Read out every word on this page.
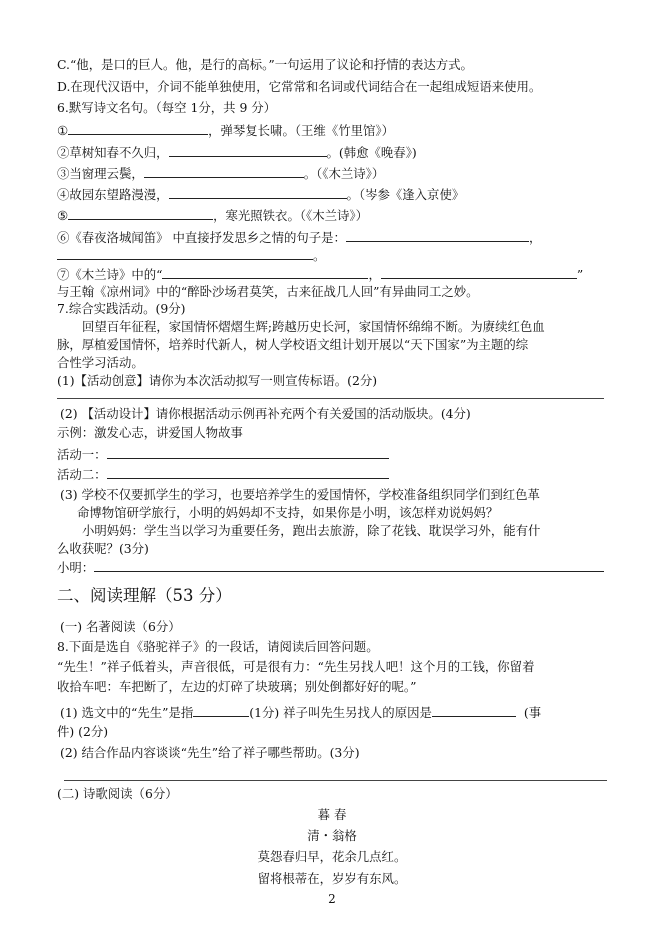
C.“他，是口的巨人。他，是行的高标。”一句运用了议论和抒情的表达方式。
D.在现代汉语中，介词不能单独使用，它常常和名词或代词结合在一起组成短语来使用。
6.默写诗文名句。（每空 1分，共 9 分）
①	，弹琴复长啸。（王维《竹里馆》）
②草树知春不久归，	。(韩愈《晚春》)
③当窗理云鬓，	。（《木兰诗》）
④故园东望路漫漫，	。（岑参《逢入京使》
⑤	，寒光照铁衣。（《木兰诗》）
⑥《春夜洛城闻笛》 中直接抒发思乡之情的句子是：	，
。
⑦《木兰诗》中的“	，	”
与王翰《凉州词》中的“醉卧沙场君莫笑，古来征战几人回”有异曲同工之妙。
7.综合实践活动。(9分)
回望百年征程，家国情怀熠熠生辉;跨越历史长河，家国情怀绵绵不断。为赓续红色血
脉，厚植爱国情怀，培养时代新人，树人学校语文组计划开展以“天下国家”为主题的综
合性学习活动。
(1)【活动创意】请你为本次活动拟写一则宣传标语。(2分)
(2) 【活动设计】请你根据活动示例再补充两个有关爱国的活动版块。(4分)
示例：激发心志，讲爱国人物故事
活动一：
活动二：
(3) 学校不仅要抓学生的学习，也要培养学生的爱国情怀，学校准备组织同学们到红色革
命博物馆研学旅行，小明的妈妈却不支持，如果你是小明，该怎样劝说妈妈？
小明妈妈：学生当以学习为重要任务，跑出去旅游，除了花钱、耽误学习外，能有什
么收获呢？(3分)
小明：
二、阅读理解（53 分）
(一) 名著阅读（6分）
8.下面是选自《骆驼祥子》的一段话，请阅读后回答问题。
“先生！”祥子低着头，声音很低，可是很有力：“先生另找人吧！这个月的工钱，你留着
收拾车吧：车把断了，左边的灯碎了块玻璃；别处倒都好好的呢。”
(1) 选文中的“先生”是指	(1分) 祥子叫先生另找人的原因是	(事
件) (2分)
(2) 结合作品内容谈谈“先生”给了祥子哪些帮助。(3分)
(二) 诗歌阅读（6分）
暮 春
清・翁格
莫怨春归早，花余几点红。
留将根蒂在，岁岁有东风。
2
